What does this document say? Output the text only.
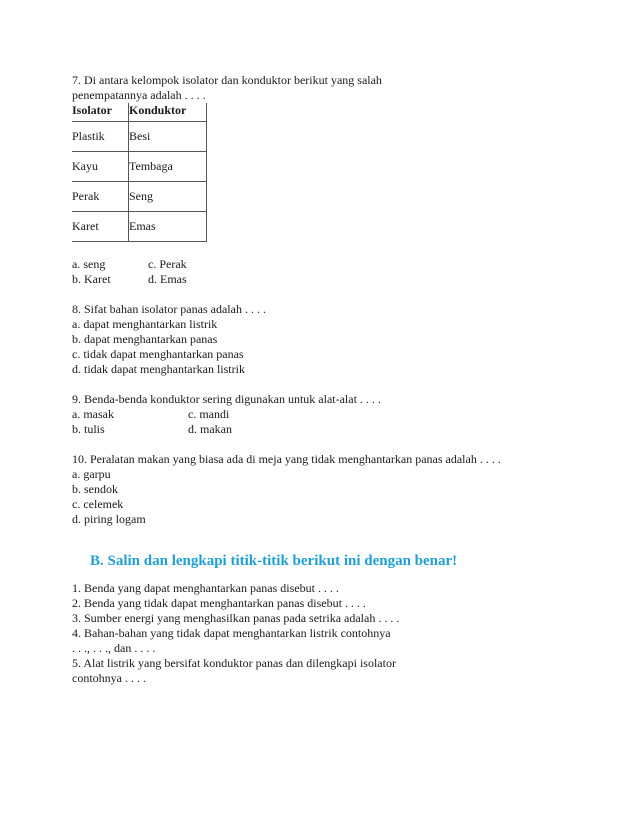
7. Di antara kelompok isolator dan konduktor berikut yang salah
penempatannya adalah . . . .
Isolator	Konduktor
Plastik	Besi
Kayu	Tembaga
Perak	Seng
Karet	Emas
a. seng	c. Perak
b. Karet	d. Emas
8. Sifat bahan isolator panas adalah . . . .
a. dapat menghantarkan listrik
b. dapat menghantarkan panas
c. tidak dapat menghantarkan panas
d. tidak dapat menghantarkan listrik
9. Benda-benda konduktor sering digunakan untuk alat-alat . . . .
a. masak	c. mandi
b. tulis	d. makan
10. Peralatan makan yang biasa ada di meja yang tidak menghantarkan panas adalah . . . .
a. garpu
b. sendok
c. celemek
d. piring logam
B. Salin dan lengkapi titik-titik berikut ini dengan benar!
1. Benda yang dapat menghantarkan panas disebut . . . .
2. Benda yang tidak dapat menghantarkan panas disebut . . . .
3. Sumber energi yang menghasilkan panas pada setrika adalah . . . .
4. Bahan-bahan yang tidak dapat menghantarkan listrik contohnya
. . ., . . ., dan . . . .
5. Alat listrik yang bersifat konduktor panas dan dilengkapi isolator
contohnya . . . .
